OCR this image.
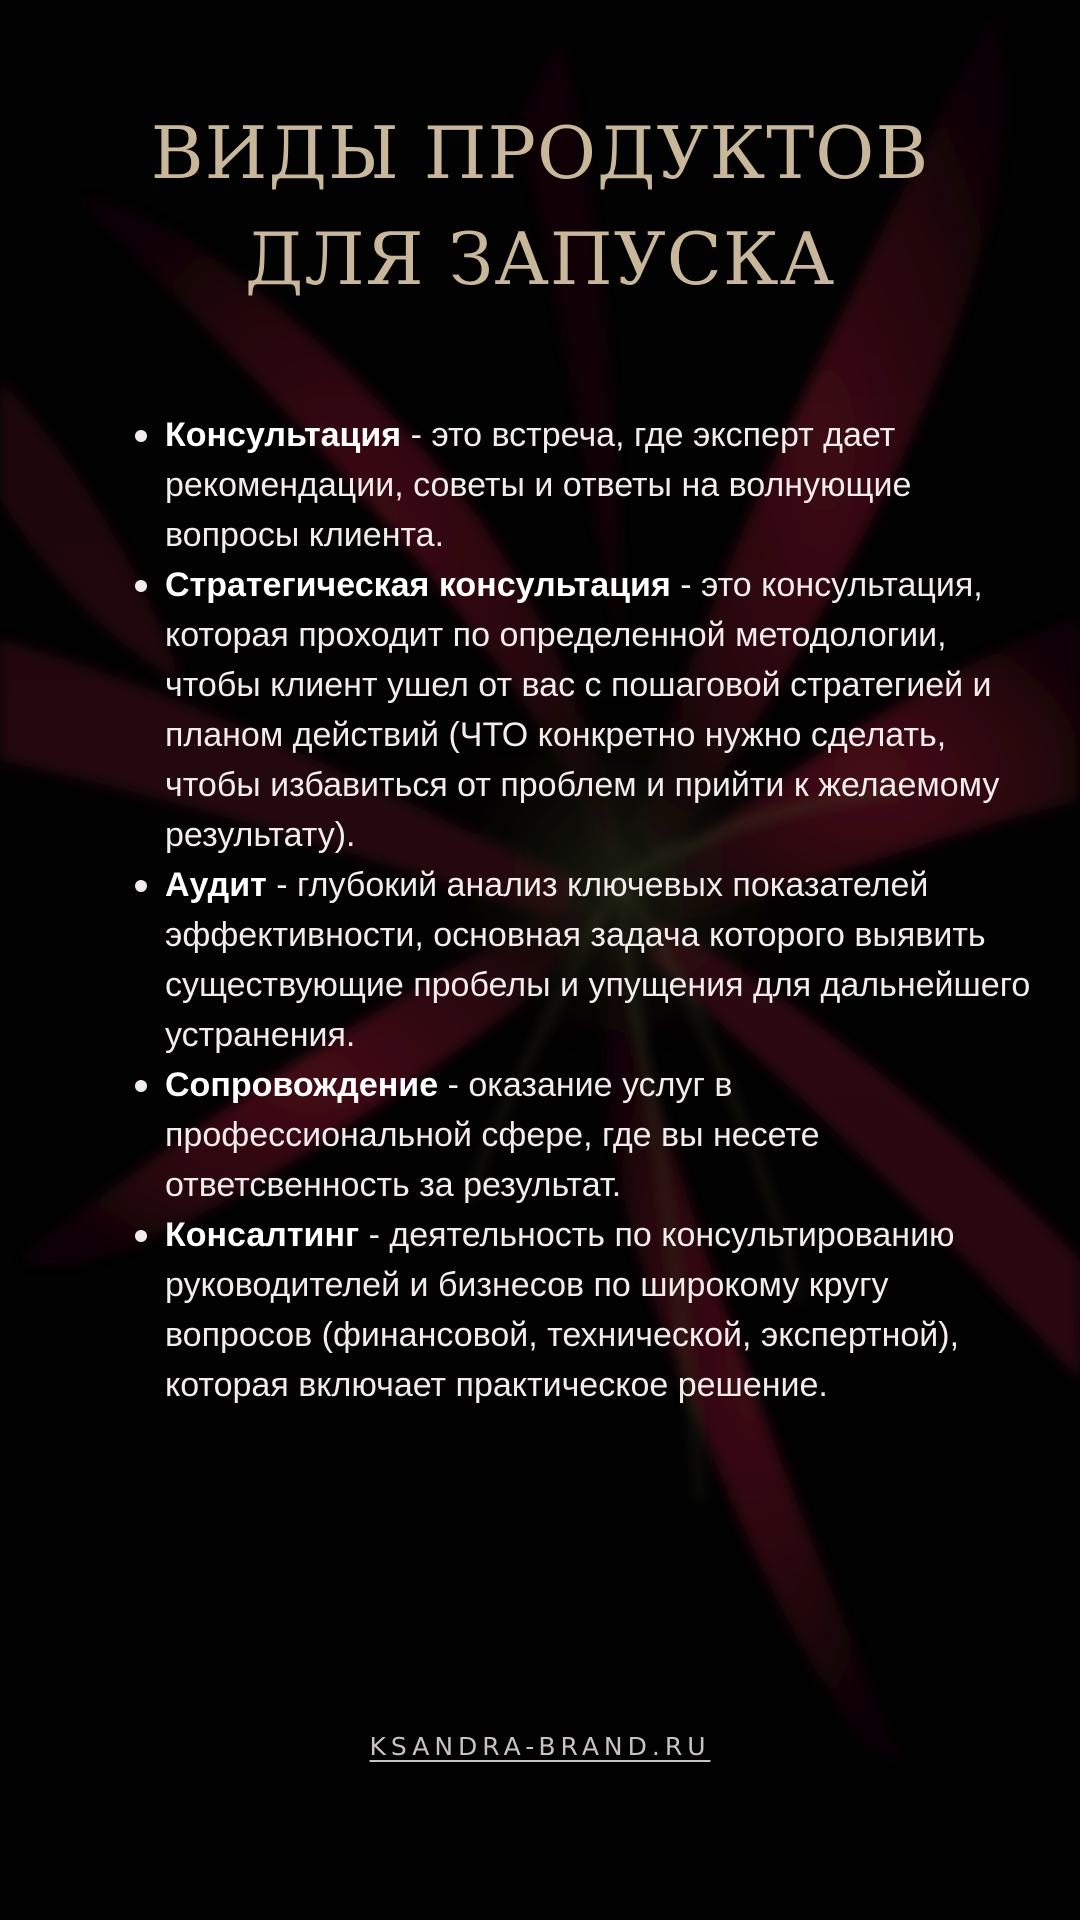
ВИДЫ ПРОДУКТОВ
ДЛЯ ЗАПУСКА
Консультация - это встреча, где эксперт дает рекомендации, советы и ответы на волнующие вопросы клиента.
Стратегическая консультация - это консультация, которая проходит по определенной методологии, чтобы клиент ушел от вас с пошаговой стратегией и планом действий (ЧТО конкретно нужно сделать, чтобы избавиться от проблем и прийти к желаемому результату).
Аудит - глубокий анализ ключевых показателей эффективности, основная задача которого выявить существующие пробелы и упущения для дальнейшего устранения.
Сопровождение - оказание услуг в профессиональной сфере, где вы несете ответсвенность за результат.
Консалтинг - деятельность по консультированию руководителей и бизнесов по широкому кругу вопросов (финансовой, технической, экспертной), которая включает практическое решение.
KSANDRA-BRAND.RU
